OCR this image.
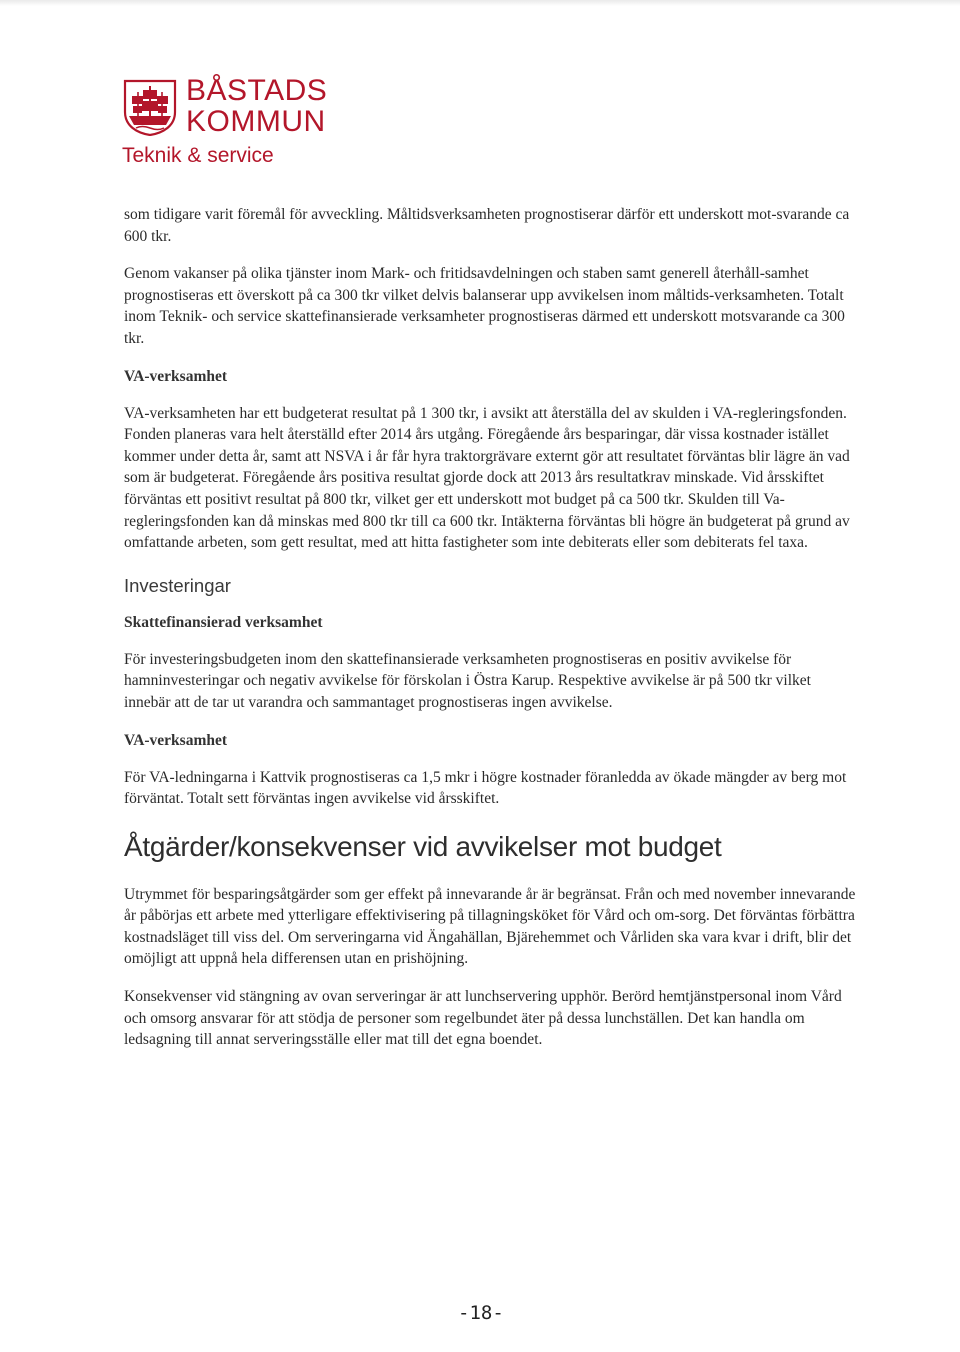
BÅSTADS
KOMMUN
Teknik & service

som tidigare varit föremål för avveckling. Måltidsverksamheten prognostiserar därför ett underskott mot-svarande ca 600 tkr.

Genom vakanser på olika tjänster inom Mark- och fritidsavdelningen och staben samt generell återhåll-samhet prognostiseras ett överskott på ca 300 tkr vilket delvis balanserar upp avvikelsen inom måltids-verksamheten. Totalt inom Teknik- och service skattefinansierade verksamheter prognostiseras därmed ett underskott motsvarande ca 300 tkr.

VA-verksamhet

VA-verksamheten har ett budgeterat resultat på 1 300 tkr, i avsikt att återställa del av skulden i VA-regleringsfonden. Fonden planeras vara helt återställd efter 2014 års utgång. Föregående års besparingar, där vissa kostnader istället kommer under detta år, samt att NSVA i år får hyra traktorgrävare externt gör att resultatet förväntas blir lägre än vad som är budgeterat. Föregående års positiva resultat gjorde dock att 2013 års resultatkrav minskade. Vid årsskiftet förväntas ett positivt resultat på 800 tkr, vilket ger ett underskott mot budget på ca 500 tkr. Skulden till Va-regleringsfonden kan då minskas med 800 tkr till ca 600 tkr. Intäkterna förväntas bli högre än budgeterat på grund av omfattande arbeten, som gett resultat, med att hitta fastigheter som inte debiterats eller som debiterats fel taxa.

Investeringar
Skattefinansierad verksamhet

För investeringsbudgeten inom den skattefinansierade verksamheten prognostiseras en positiv avvikelse för hamninvesteringar och negativ avvikelse för förskolan i Östra Karup. Respektive avvikelse är på 500 tkr vilket innebär att de tar ut varandra och sammantaget prognostiseras ingen avvikelse.

VA-verksamhet

För VA-ledningarna i Kattvik prognostiseras ca 1,5 mkr i högre kostnader föranledda av ökade mängder av berg mot förväntat. Totalt sett förväntas ingen avvikelse vid årsskiftet.

Åtgärder/konsekvenser vid avvikelser mot budget

Utrymmet för besparingsåtgärder som ger effekt på innevarande år är begränsat. Från och med november innevarande år påbörjas ett arbete med ytterligare effektivisering på tillagningsköket för Vård och om-sorg. Det förväntas förbättra kostnadsläget till viss del. Om serveringarna vid Ängahällan, Bjärehemmet och Vårliden ska vara kvar i drift, blir det omöjligt att uppnå hela differensen utan en prishöjning.

Konsekvenser vid stängning av ovan serveringar är att lunchservering upphör. Berörd hemtjänstpersonal inom Vård och omsorg ansvarar för att stödja de personer som regelbundet äter på dessa lunchställen. Det kan handla om ledsagning till annat serveringsställe eller mat till det egna boendet.

-18-
